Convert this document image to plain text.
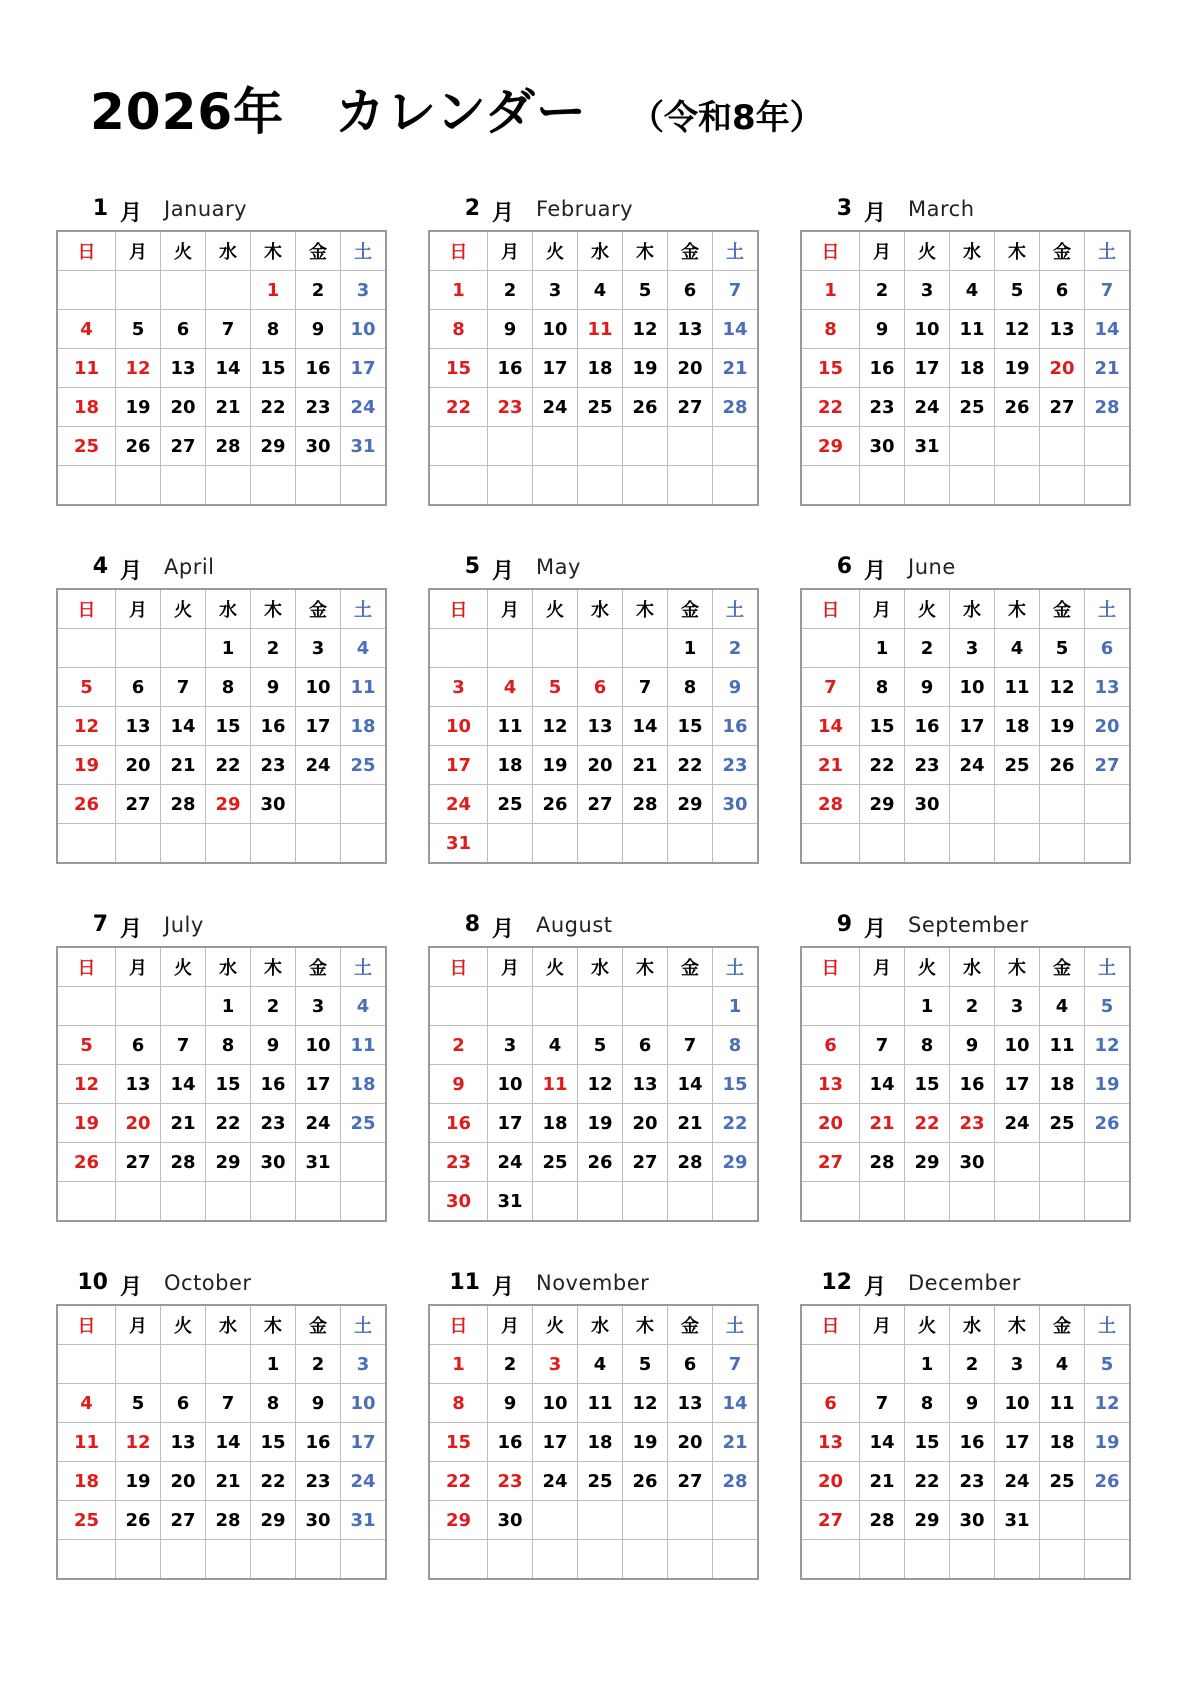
2026年　カレンダー （令和8年）
1 月 January
日	月	火	水	木	金	土
				1	2	3
4	5	6	7	8	9	10
11	12	13	14	15	16	17
18	19	20	21	22	23	24
25	26	27	28	29	30	31

2 月 February
日	月	火	水	木	金	土
1	2	3	4	5	6	7
8	9	10	11	12	13	14
15	16	17	18	19	20	21
22	23	24	25	26	27	28

3 月 March
日	月	火	水	木	金	土
1	2	3	4	5	6	7
8	9	10	11	12	13	14
15	16	17	18	19	20	21
22	23	24	25	26	27	28
29	30	31				

4 月 April
日	月	火	水	木	金	土
			1	2	3	4
5	6	7	8	9	10	11
12	13	14	15	16	17	18
19	20	21	22	23	24	25
26	27	28	29	30		

5 月 May
日	月	火	水	木	金	土
					1	2
3	4	5	6	7	8	9
10	11	12	13	14	15	16
17	18	19	20	21	22	23
24	25	26	27	28	29	30
31						
6 月 June
日	月	火	水	木	金	土
	1	2	3	4	5	6
7	8	9	10	11	12	13
14	15	16	17	18	19	20
21	22	23	24	25	26	27
28	29	30				

7 月 July
日	月	火	水	木	金	土
			1	2	3	4
5	6	7	8	9	10	11
12	13	14	15	16	17	18
19	20	21	22	23	24	25
26	27	28	29	30	31	

8 月 August
日	月	火	水	木	金	土
						1
2	3	4	5	6	7	8
9	10	11	12	13	14	15
16	17	18	19	20	21	22
23	24	25	26	27	28	29
30	31					
9 月 September
日	月	火	水	木	金	土
		1	2	3	4	5
6	7	8	9	10	11	12
13	14	15	16	17	18	19
20	21	22	23	24	25	26
27	28	29	30			

10 月 October
日	月	火	水	木	金	土
				1	2	3
4	5	6	7	8	9	10
11	12	13	14	15	16	17
18	19	20	21	22	23	24
25	26	27	28	29	30	31

11 月 November
日	月	火	水	木	金	土
1	2	3	4	5	6	7
8	9	10	11	12	13	14
15	16	17	18	19	20	21
22	23	24	25	26	27	28
29	30					

12 月 December
日	月	火	水	木	金	土
		1	2	3	4	5
6	7	8	9	10	11	12
13	14	15	16	17	18	19
20	21	22	23	24	25	26
27	28	29	30	31		
